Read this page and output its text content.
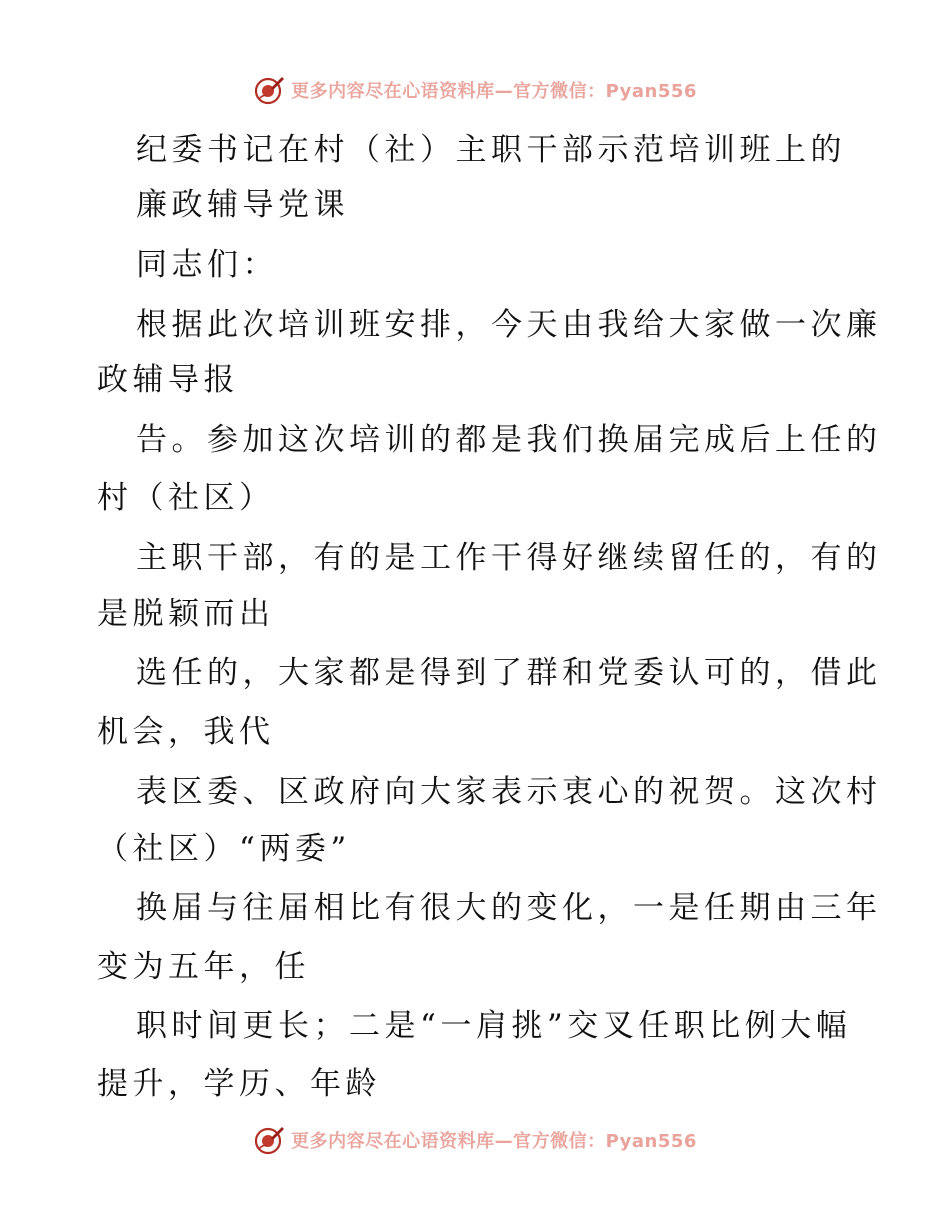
更多内容尽在心语资料库—官方微信：Pyan556
纪委书记在村（社）主职干部示范培训班上的
廉政辅导党课
同志们：
根据此次培训班安排，今天由我给大家做一次廉
政辅导报
告。参加这次培训的都是我们换届完成后上任的
村（社区）
主职干部，有的是工作干得好继续留任的，有的
是脱颖而出
选任的，大家都是得到了群和党委认可的，借此
机会，我代
表区委、区政府向大家表示衷心的祝贺。这次村
（社区）“两委”
换届与往届相比有很大的变化，一是任期由三年
变为五年，任
职时间更长；二是“一肩挑”交叉任职比例大幅
提升，学历、年龄
更多内容尽在心语资料库—官方微信：Pyan556
